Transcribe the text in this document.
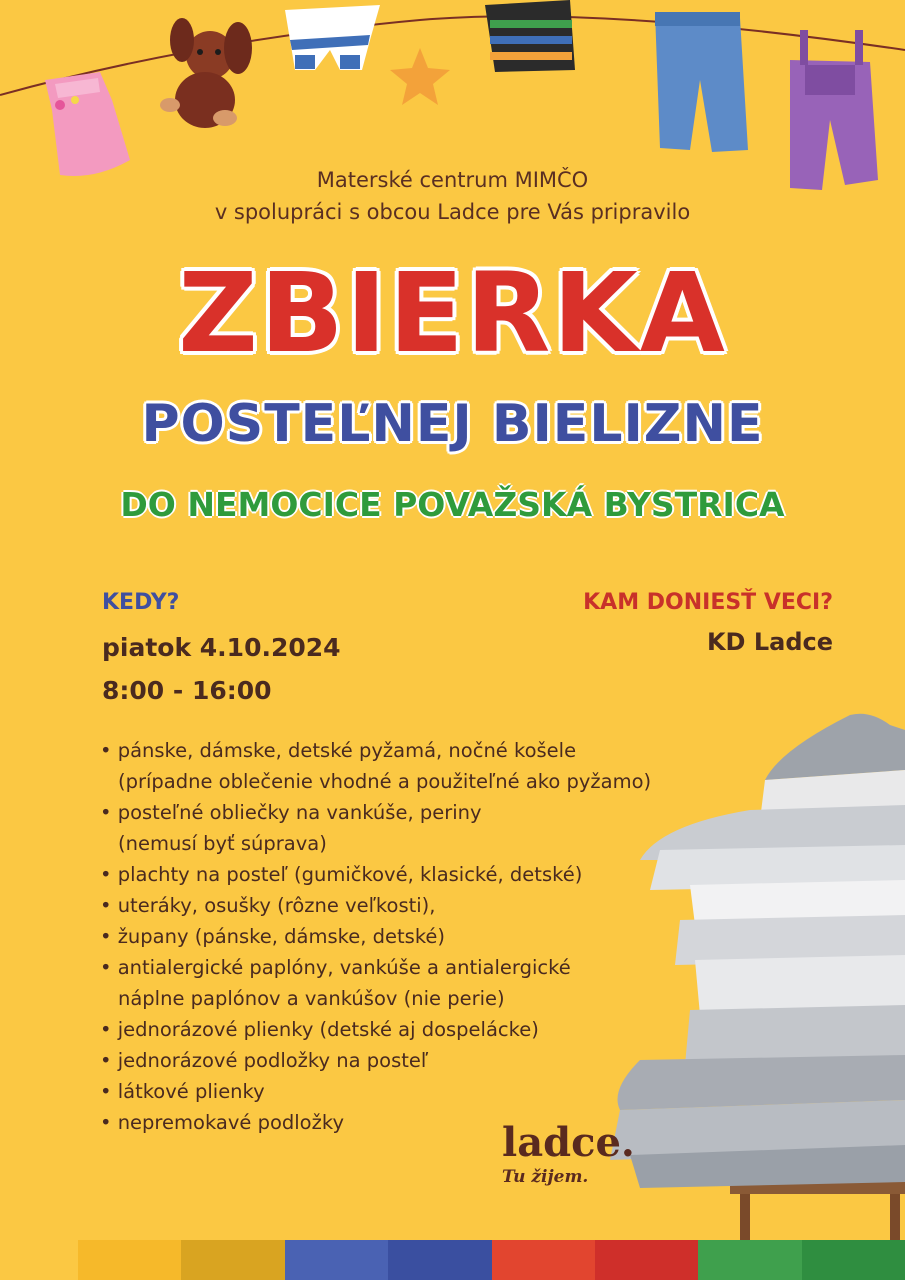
Materské centrum MIMČO
v spolupráci s obcou Ladce pre Vás pripravilo
ZBIERKA
POSTEĽNEJ BIELIZNE
DO NEMOCICE POVAŽSKÁ BYSTRICA
KEDY?
piatok 4.10.2024
8:00 - 16:00
KAM DONIESŤ VECI?
KD Ladce
• pánske, dámske, detské pyžamá, nočné košele
(prípadne oblečenie vhodné a použiteľné ako pyžamo)
• posteľné obliečky na vankúše, periny
(nemusí byť súprava)
• plachty na posteľ (gumičkové, klasické, detské)
• uteráky, osušky (rôzne veľkosti),
• župany (pánske, dámske, detské)
• antialergické paplóny, vankúše a antialergické
náplne paplónov a vankúšov (nie perie)
• jednorázové plienky (detské aj dospelácke)
• jednorázové podložky na posteľ
• látkové plienky
• nepremokavé podložky	ladce.
Tu žijem.
